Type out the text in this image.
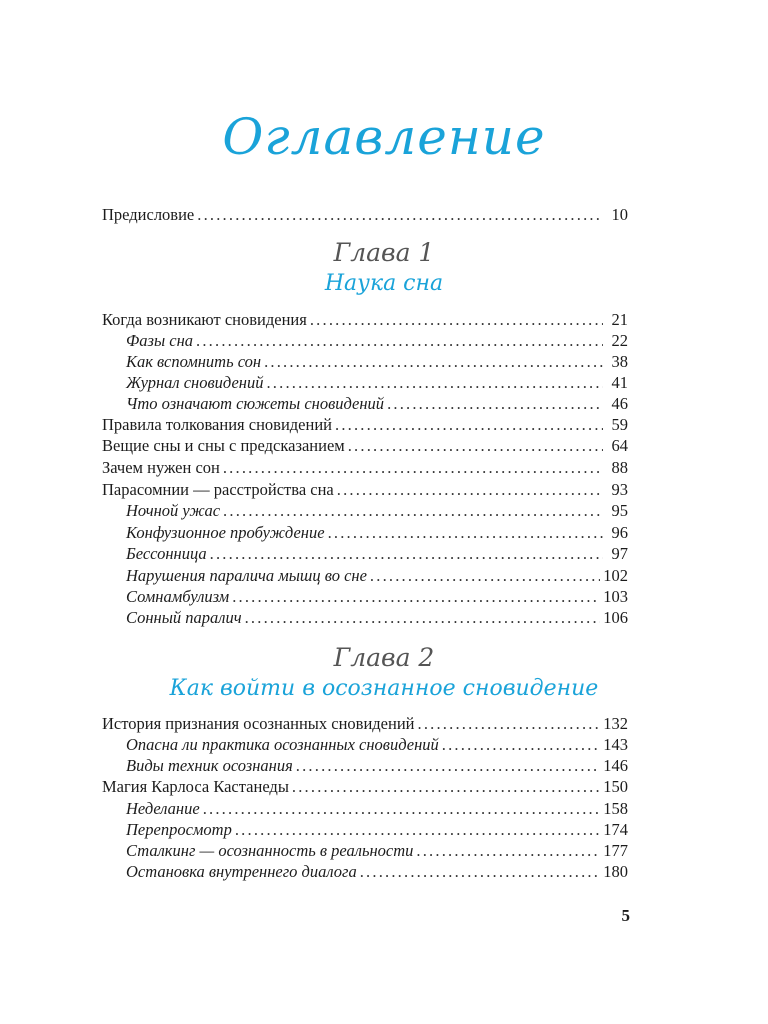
Оглавление
Предисловие .....	10
Глава 1
Наука сна
Когда возникают сновидения .....	21
Фазы сна .....	22
Как вспомнить сон .....	38
Журнал сновидений .....	41
Что означают сюжеты сновидений .....	46
Правила толкования сновидений .....	59
Вещие сны и сны с предсказанием .....	64
Зачем нужен сон .....	88
Парасомнии — расстройства сна .....	93
Ночной ужас .....	95
Конфузионное пробуждение .....	96
Бессонница .....	97
Нарушения паралича мышц во сне .....	102
Сомнамбулизм .....	103
Сонный паралич .....	106
Глава 2
Как войти в осознанное сновидение
История признания осознанных сновидений .....	132
Опасна ли практика осознанных сновидений .....	143
Виды техник осознания .....	146
Магия Карлоса Кастанеды .....	150
Неделание .....	158
Перепросмотр .....	174
Сталкинг — осознанность в реальности .....	177
Остановка внутреннего диалога .....	180
5
